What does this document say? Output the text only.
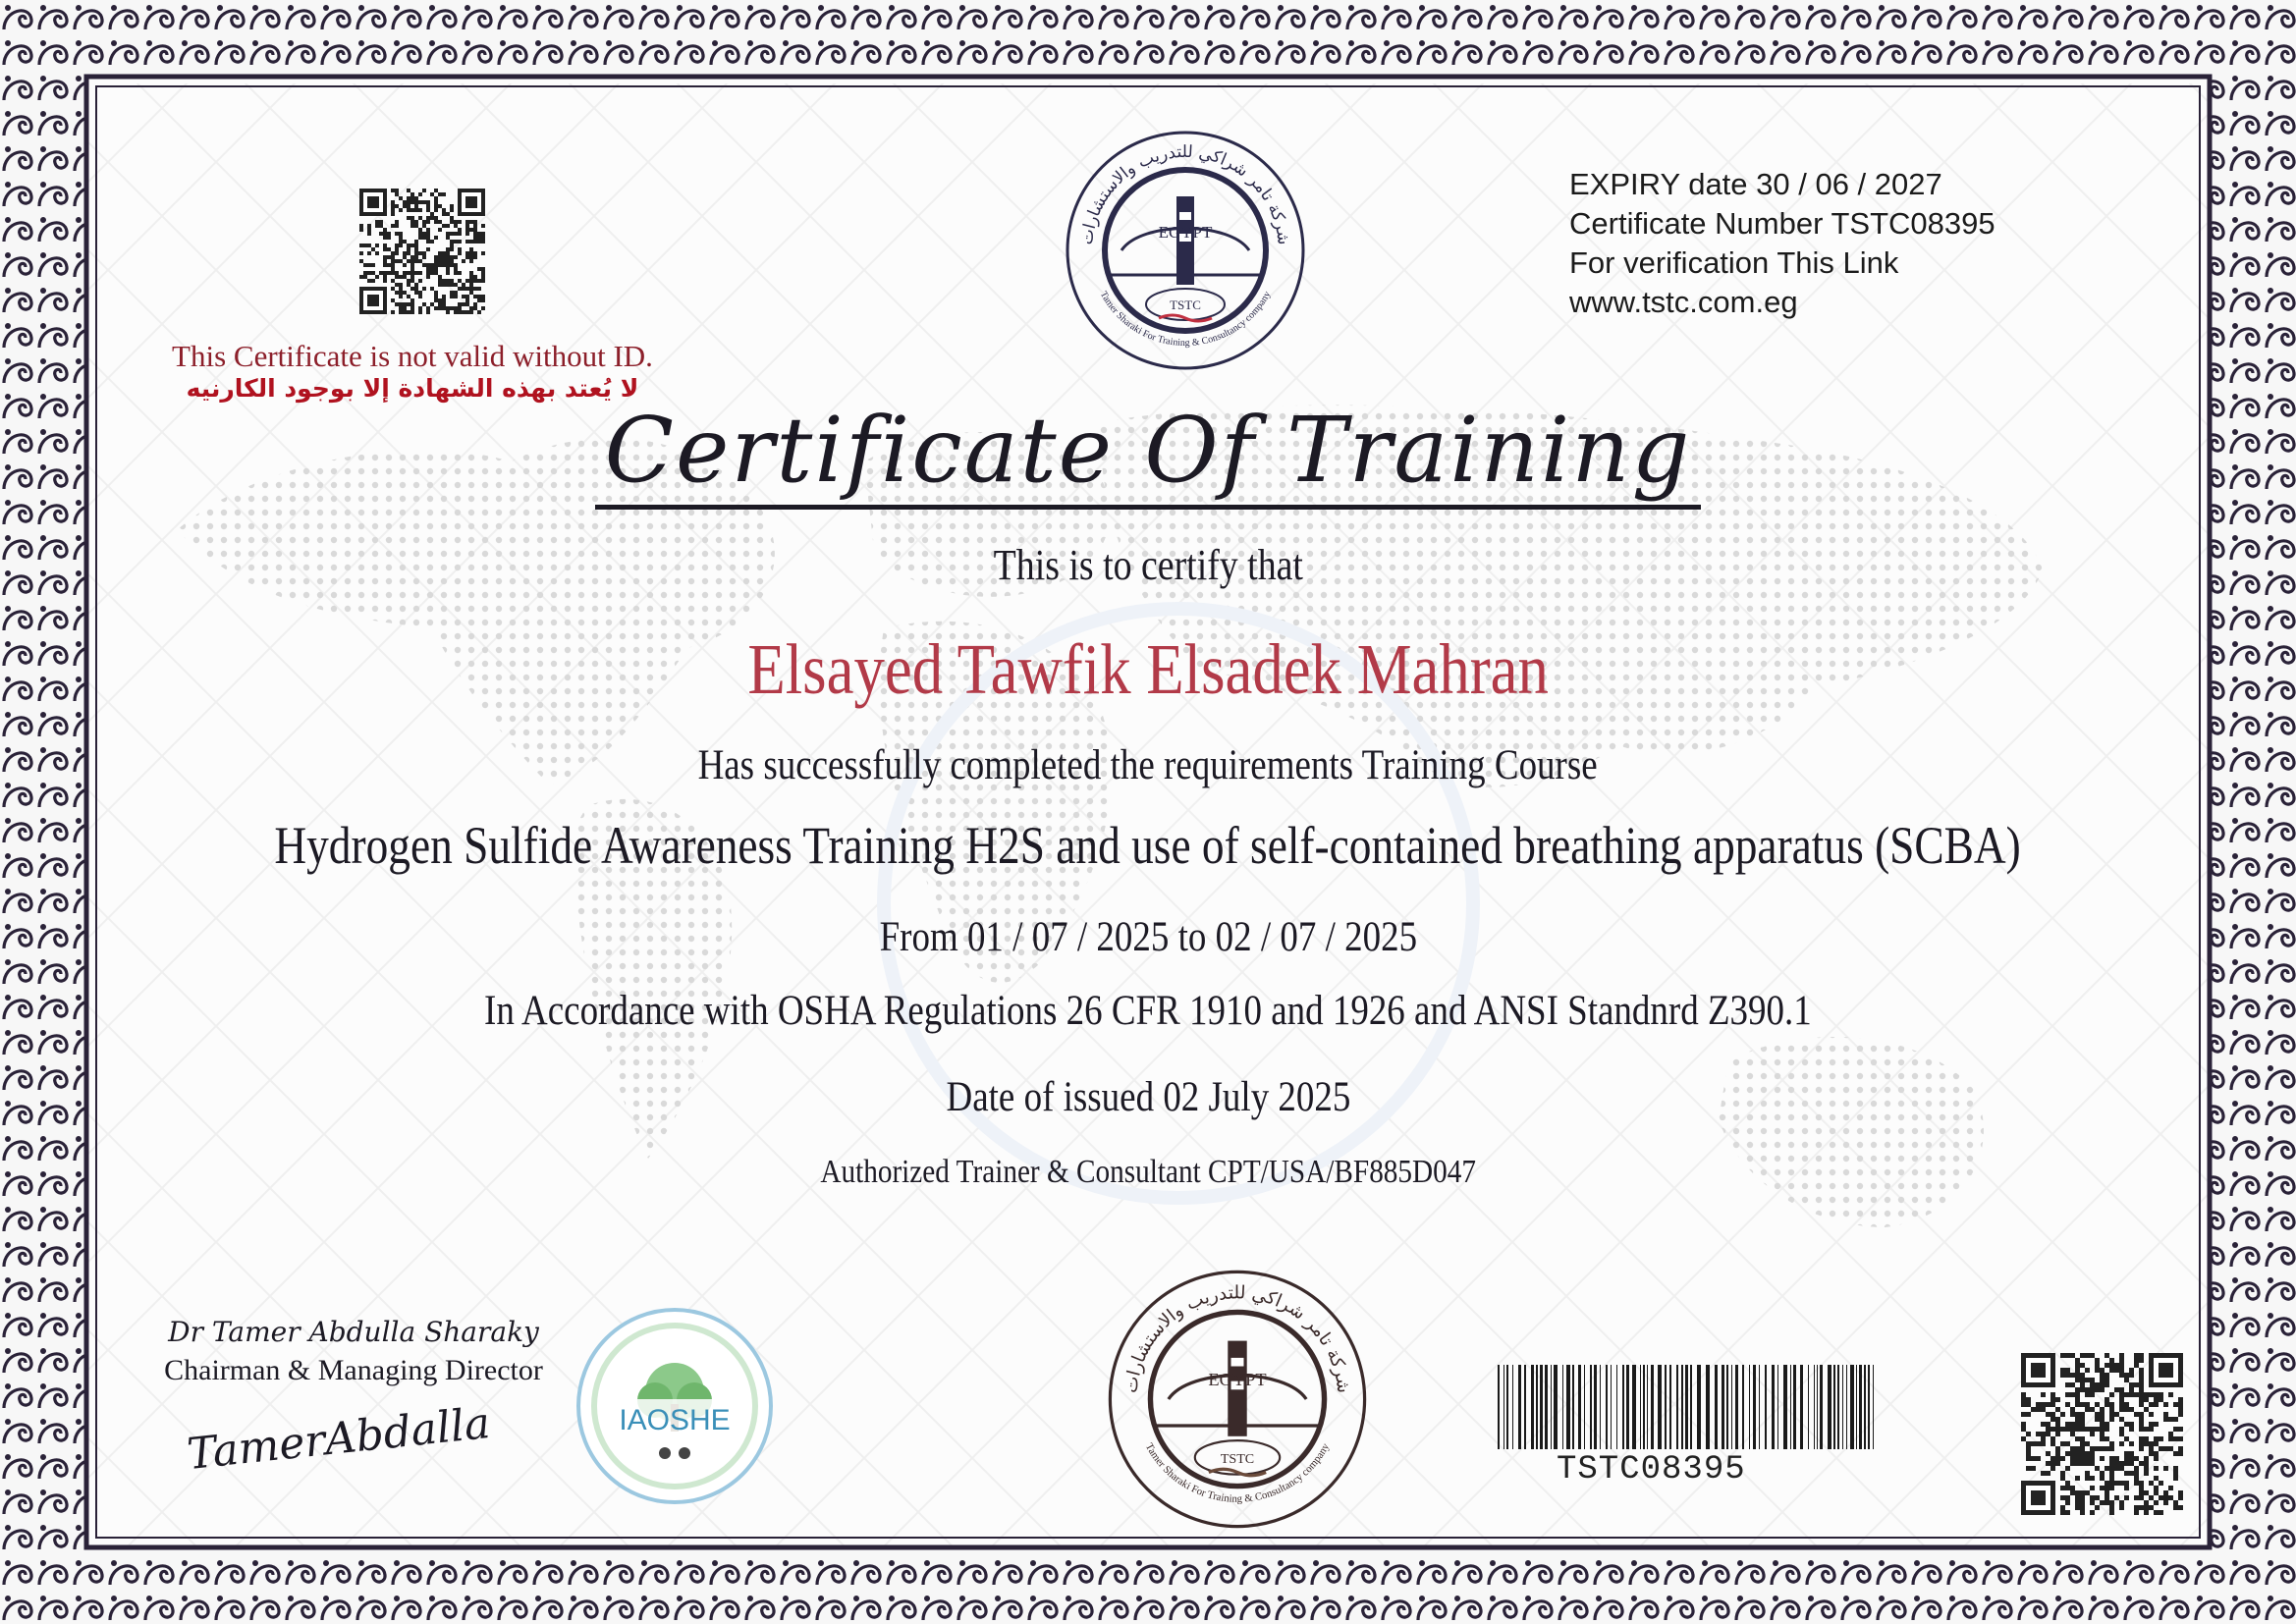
This Certificate is not valid without ID.
لا يُعتد بهذه الشهادة إلا بوجود الكارنيه
شركة تامر شراكي للتدريب والاستشارات
Tamer Sharaki For Training & Consultancy company
EGYPT
TSTC
EXPIRY date 30 / 06 / 2027
Certificate Number TSTC08395
For verification This Link
www.tstc.com.eg
Certificate Of Training
This is to certify that
Elsayed Tawfik Elsadek Mahran
Has successfully completed the requirements Training Course
Hydrogen Sulfide Awareness Training H2S and use of self-contained breathing apparatus (SCBA)
From 01 / 07 / 2025 to 02 / 07 / 2025
In Accordance with OSHA Regulations 26 CFR 1910 and 1926 and ANSI Standnrd Z390.1
Date of issued 02 July 2025
Authorized Trainer & Consultant CPT/USA/BF885D047
Dr Tamer Abdulla Sharaky
Chairman & Managing Director
TamerAbdalla	IAOSHE
شركة تامر شراكي للتدريب والاستشارات
Tamer Sharaki For Training & Consultancy company
EGYPT
TSTC	TSTC08395
